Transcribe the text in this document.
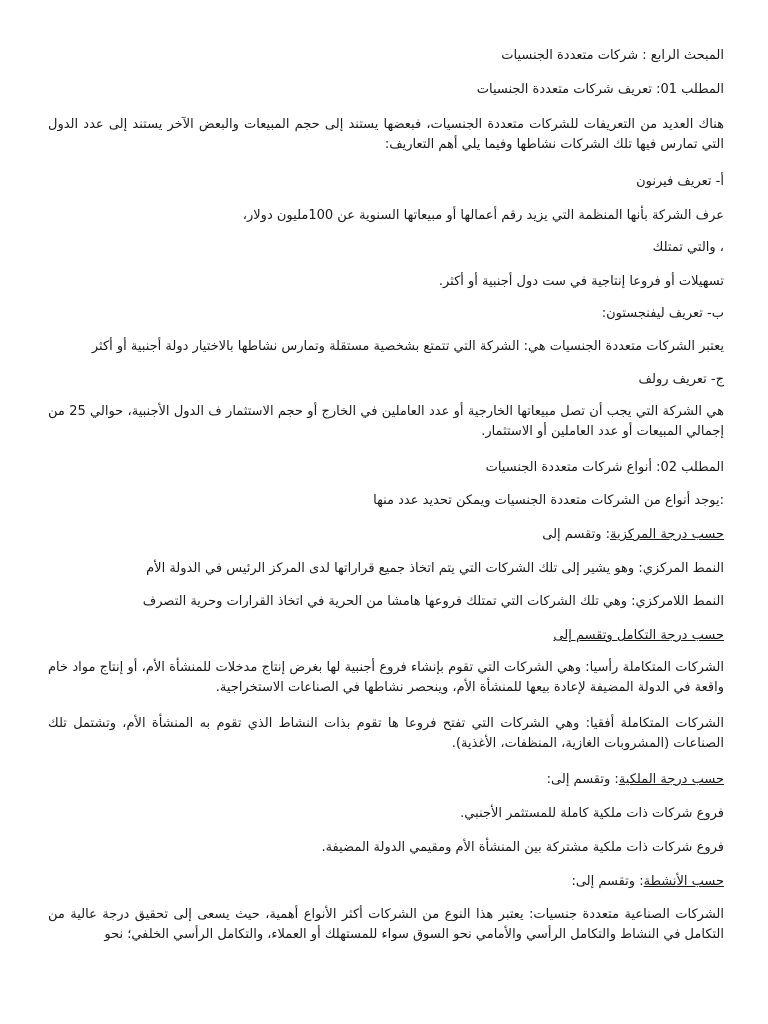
المبحث الرابع : شركات متعددة الجنسيات

المطلب 01: تعريف شركات متعددة الجنسيات

هناك العديد من التعريفات للشركات متعددة الجنسيات، فبعضها يستند إلى حجم المبيعات والبعض الآخر يستند إلى عدد الدول التي تمارس فيها تلك الشركات نشاطها وفيما يلي أهم التعاريف:

أ- تعريف فيرنون

عرف الشركة بأنها المنظمة التي يزيد رقم أعمالها أو مبيعاتها السنوية عن 100مليون دولار،

، والتي تمتلك

تسهيلات أو فروعا إنتاجية في ست دول أجنبية أو أكثر.

ب- تعريف ليفنجستون:

يعتبر الشركات متعددة الجنسيات هي: الشركة التي تتمتع بشخصية مستقلة وتمارس نشاطها بالاختيار دولة أجنبية أو أكثر

ج- تعريف رولف

هي الشركة التي يجب أن تصل مبيعاتها الخارجية أو عدد العاملين في الخارج أو حجم الاستثمار ف الدول الأجنبية، حوالي 25 من إجمالي المبيعات أو عدد العاملين أو الاستثمار.

المطلب 02: أنواع شركات متعددة الجنسيات

:يوجد أنواع من الشركات متعددة الجنسيات ويمكن تحديد عدد منها

حسب درجة المركزية: وتقسم إلى

النمط المركزي: وهو يشير إلى تلك الشركات التي يتم اتخاذ جميع قراراتها لدى المركز الرئيس في الدولة الأم

النمط اللامركزي: وهي تلك الشركات التي تمتلك فروعها هامشا من الحرية في اتخاذ القرارات وحرية التصرف

حسب درجة التكامل وتقسم إلى

الشركات المتكاملة رأسيا: وهي الشركات التي تقوم بإنشاء فروع أجنبية لها بغرض إنتاج مدخلات للمنشأة الأم، أو إنتاج مواد خام واقعة في الدولة المضيفة لإعادة بيعها للمنشأة الأم، وينحصر نشاطها في الصناعات الاستخراجية.

الشركات المتكاملة أفقيا: وهي الشركات التي تفتح فروعا ها تقوم بذات النشاط الذي تقوم به المنشأة الأم، وتشتمل تلك الصناعات (المشروبات الغازية، المنظفات، الأغذية).

حسب درجة الملكية: وتقسم إلى:

فروع شركات ذات ملكية كاملة للمستثمر الأجنبي.

فروع شركات ذات ملكية مشتركة بين المنشأة الأم ومقيمي الدولة المضيفة.

حسب الأنشطة: وتقسم إلى:

الشركات الصناعية متعددة جنسيات: يعتبر هذا النوع من الشركات أكثر الأنواع أهمية، حيث يسعى إلى تحقيق درجة عالية من التكامل في النشاط والتكامل الرأسي والأمامي نحو السوق سواء للمستهلك أو العملاء، والتكامل الرأسي الخلفي؛ نحو
